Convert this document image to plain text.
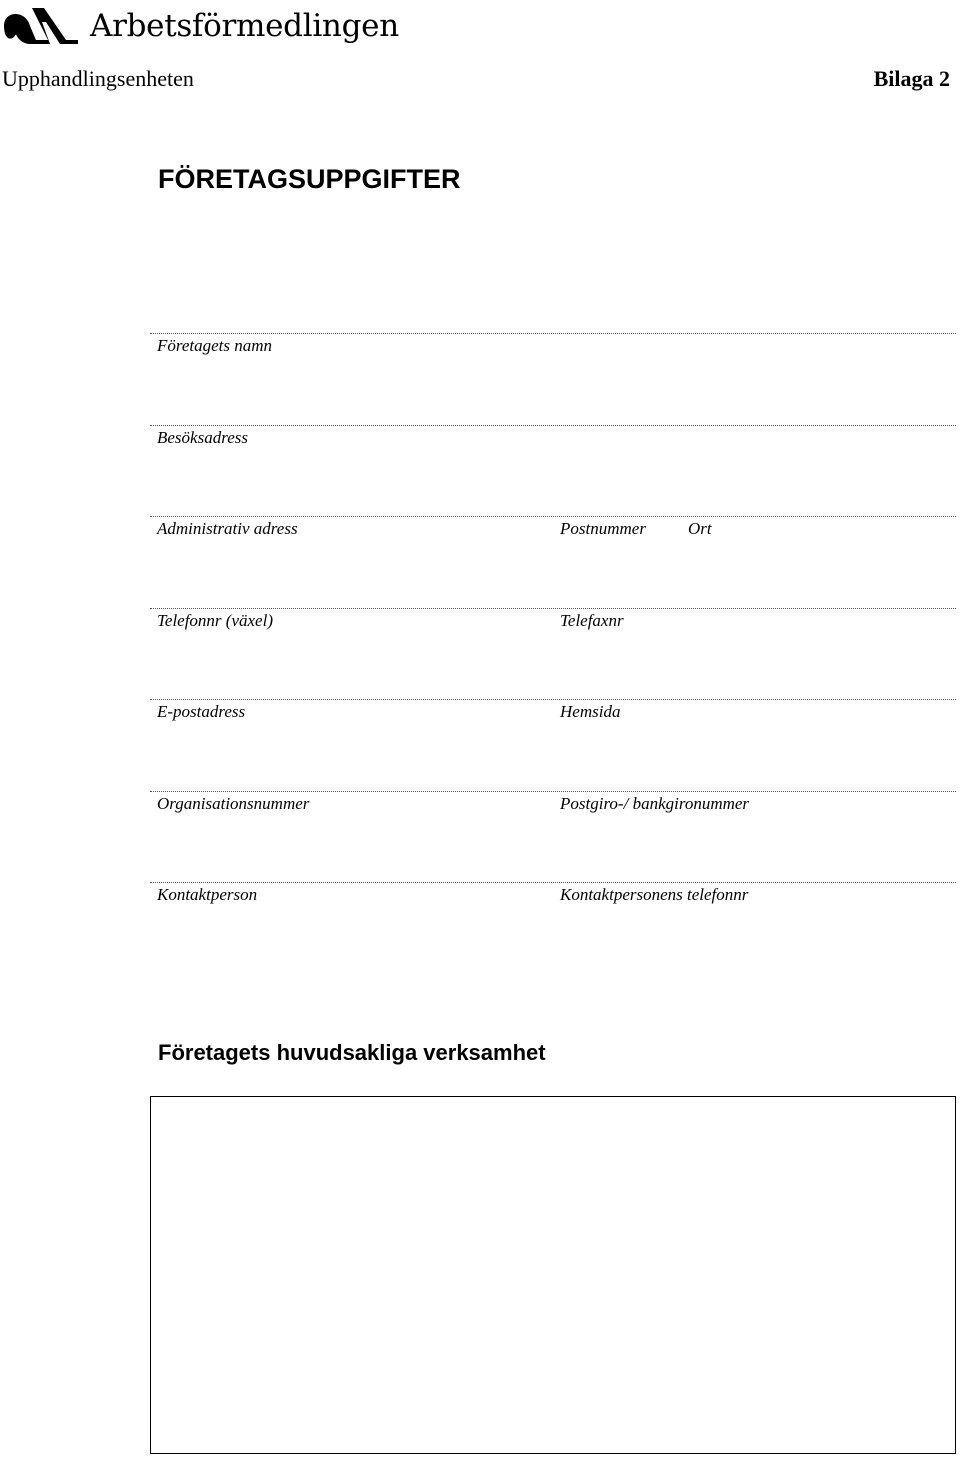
Arbetsförmedlingen
Upphandlingsenheten	Bilaga 2
FÖRETAGSUPPGIFTER
Företagets namn
Besöksadress
Administrativ adress	Postnummer Ort
Telefonnr (växel)	Telefaxnr
E-postadress	Hemsida
Organisationsnummer	Postgiro-/ bankgironummer
Kontaktperson	Kontaktpersonens telefonnr
Företagets huvudsakliga verksamhet
